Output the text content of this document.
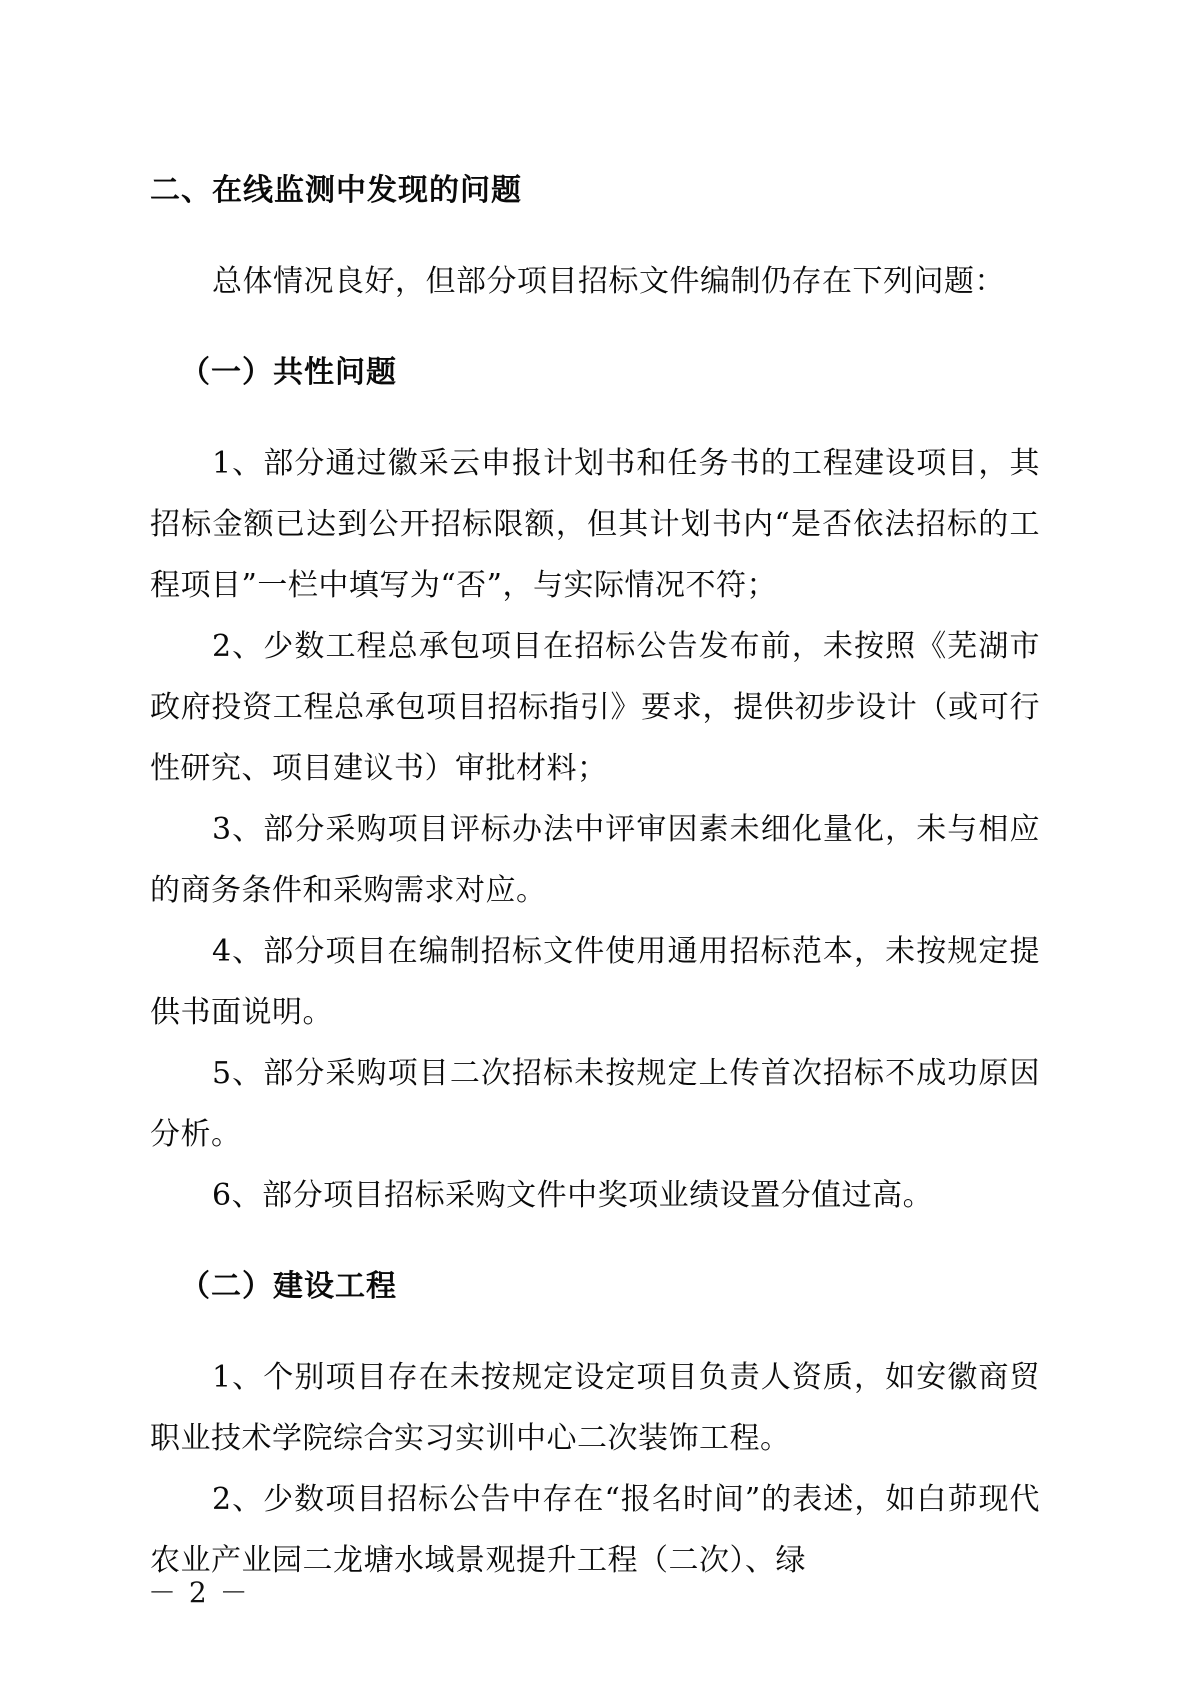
二、在线监测中发现的问题

总体情况良好，但部分项目招标文件编制仍存在下列问题：

（一）共性问题

1、部分通过徽采云申报计划书和任务书的工程建设项目，其招标金额已达到公开招标限额，但其计划书内“是否依法招标的工程项目”一栏中填写为“否”，与实际情况不符；

2、少数工程总承包项目在招标公告发布前，未按照《芜湖市政府投资工程总承包项目招标指引》要求，提供初步设计（或可行性研究、项目建议书）审批材料；

3、部分采购项目评标办法中评审因素未细化量化，未与相应的商务条件和采购需求对应。

4、部分项目在编制招标文件使用通用招标范本，未按规定提供书面说明。

5、部分采购项目二次招标未按规定上传首次招标不成功原因分析。

6、部分项目招标采购文件中奖项业绩设置分值过高。

（二）建设工程

1、个别项目存在未按规定设定项目负责人资质，如安徽商贸职业技术学院综合实习实训中心二次装饰工程。

2、少数项目招标公告中存在“报名时间”的表述，如白茆现代农业产业园二龙塘水域景观提升工程（二次）、绿

－ 2 －
